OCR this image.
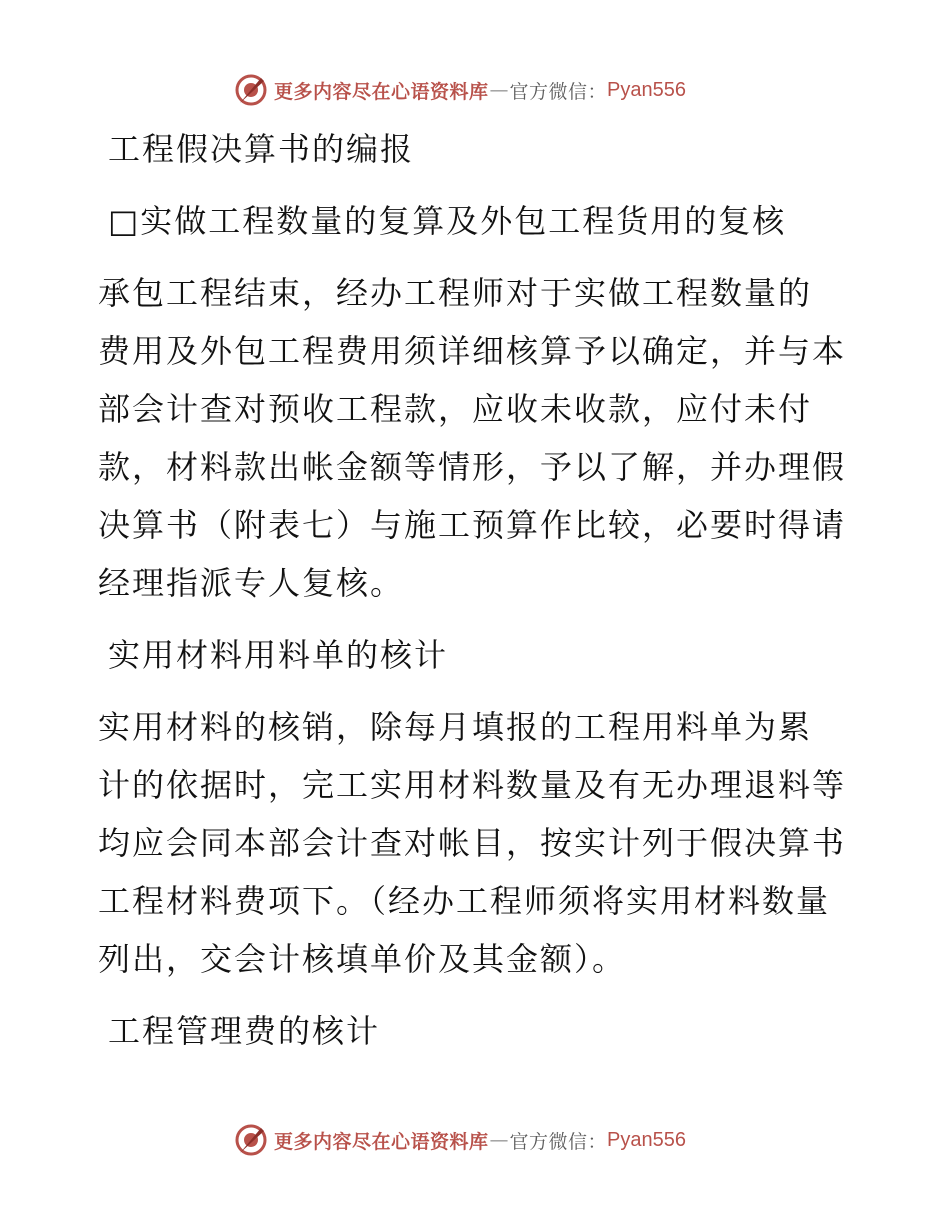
更多内容尽在心语资料库 — 官方微信： Pyan556
工程假决算书的编报
□实做工程数量的复算及外包工程货用的复核
承包工程结束，经办工程师对于实做工程数量的
费用及外包工程费用须详细核算予以确定，并与本
部会计查对预收工程款，应收未收款，应付未付
款，材料款出帐金额等情形，予以了解，并办理假
决算书（附表七）与施工预算作比较，必要时得请
经理指派专人复核。
实用材料用料单的核计
实用材料的核销，除每月填报的工程用料单为累
计的依据时，完工实用材料数量及有无办理退料等
均应会同本部会计查对帐目，按实计列于假决算书
工程材料费项下。（经办工程师须将实用材料数量
列出，交会计核填单价及其金额）。
工程管理费的核计
更多内容尽在心语资料库 — 官方微信： Pyan556
